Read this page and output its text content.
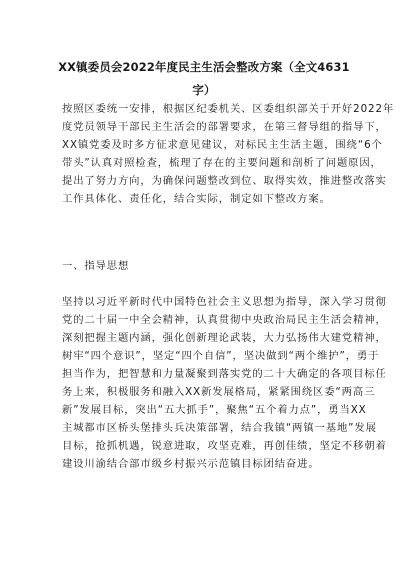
XX镇委员会2022年度民主生活会整改方案（全文4631
字）

按照区委统一安排，根据区纪委机关、区委组织部关于开好2022年
度党员领导干部民主生活会的部署要求，在第三督导组的指导下，
XX镇党委及时多方征求意见建议，对标民主生活主题，围绕“6个
带头”认真对照检查，梳理了存在的主要问题和剖析了问题原因，
提出了努力方向，为确保问题整改到位、取得实效，推进整改落实
工作具体化、责任化，结合实际，制定如下整改方案。

一、指导思想

坚持以习近平新时代中国特色社会主义思想为指导，深入学习贯彻
党的二十届一中全会精神，认真贯彻中央政治局民主生活会精神，
深刻把握主题内涵，强化创新理论武装，大力弘扬伟大建党精神，
树牢“四个意识”，坚定“四个自信”，坚决做到“两个维护”，勇于
担当作为，把智慧和力量凝聚到落实党的二十大确定的各项目标任
务上来，积极服务和融入XX新发展格局，紧紧围绕区委“两高三
新”发展目标，突出“五大抓手”，聚焦“五个着力点”，勇当XX
主城都市区桥头堡排头兵决策部署，结合我镇“两镇一基地”发展
目标，抢抓机遇，锐意进取，攻坚克难，再创佳绩，坚定不移朝着
建设川渝结合部市级乡村振兴示范镇目标团结奋进。
